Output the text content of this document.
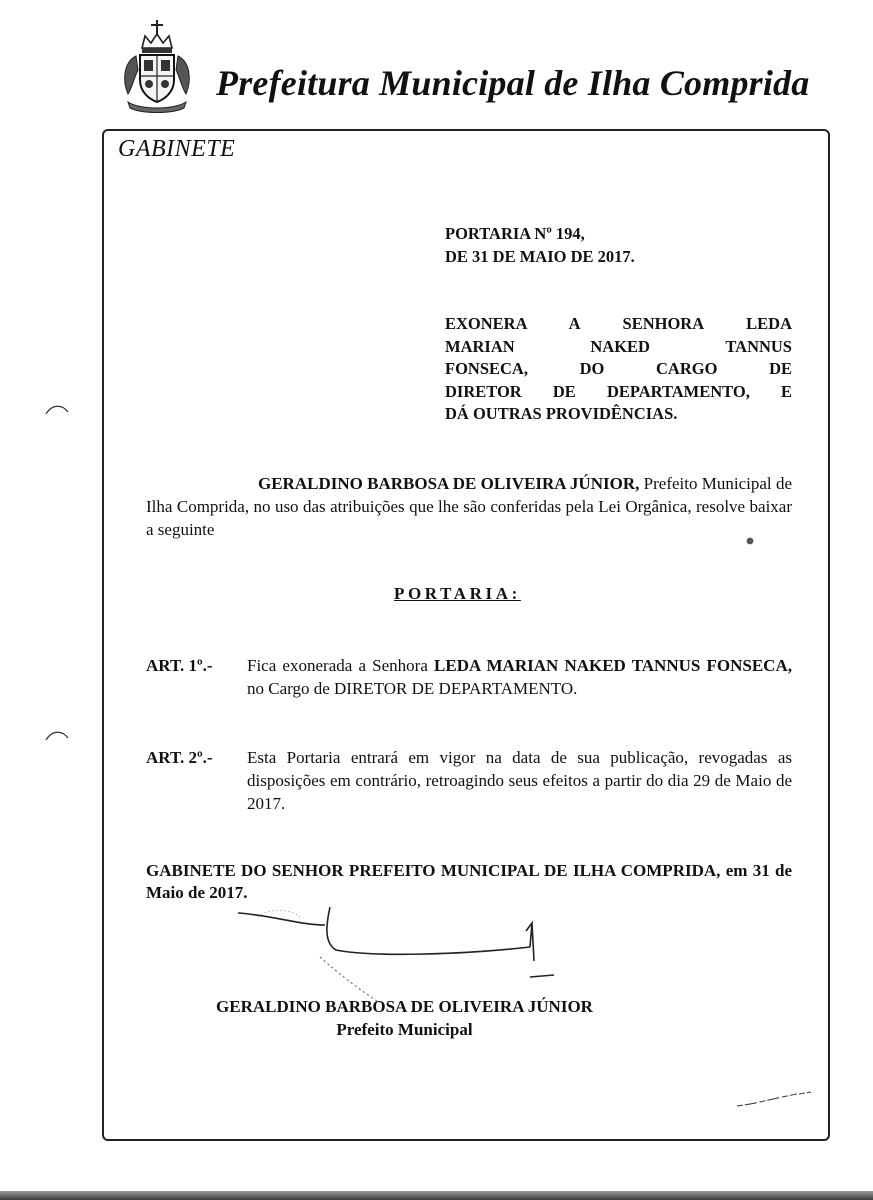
Prefeitura Municipal de Ilha Comprida
GABINETE
PORTARIA Nº 194,
DE 31 DE MAIO DE 2017.
EXONERA A SENHORA LEDA
MARIAN NAKED TANNUS
FONSECA, DO CARGO DE
DIRETOR DE DEPARTAMENTO, E
DÁ OUTRAS PROVIDÊNCIAS.
GERALDINO BARBOSA DE OLIVEIRA JÚNIOR, Prefeito Municipal de Ilha Comprida, no uso das atribuições que lhe são conferidas pela Lei Orgânica, resolve baixar a seguinte
PORTARIA:
ART. 1º.- Fica exonerada a Senhora LEDA MARIAN NAKED TANNUS FONSECA, no Cargo de DIRETOR DE DEPARTAMENTO.
ART. 2º.- Esta Portaria entrará em vigor na data de sua publicação, revogadas as disposições em contrário, retroagindo seus efeitos a partir do dia 29 de Maio de 2017.
GABINETE DO SENHOR PREFEITO MUNICIPAL DE ILHA COMPRIDA, em 31 de Maio de 2017.
GERALDINO BARBOSA DE OLIVEIRA JÚNIOR
Prefeito Municipal
